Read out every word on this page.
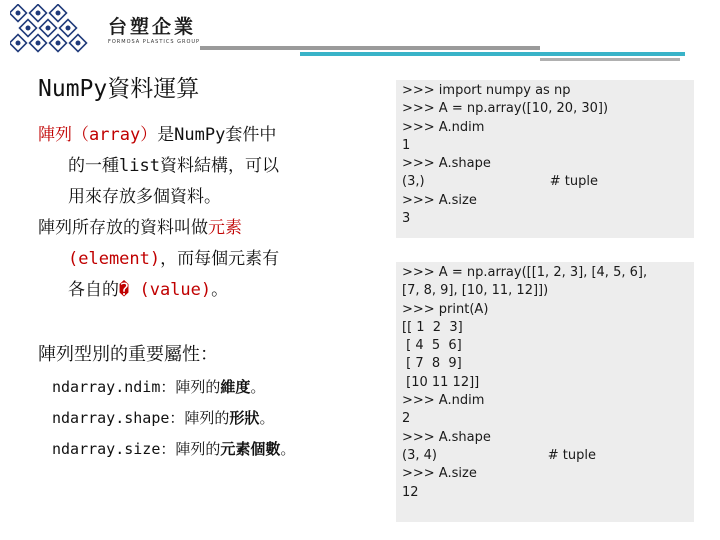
台塑企業
FORMOSA PLASTICS GROUP
NumPy資料運算
陣列（array）是NumPy套件中
的一種list資料結構，可以
用來存放多個資料。
陣列所存放的資料叫做元素
(element)，而每個元素有
各自的� (value)。
陣列型別的重要屬性：
ndarray.ndim：陣列的維度。
ndarray.shape：陣列的形狀。
ndarray.size：陣列的元素個數。
>>> import numpy as np
>>> A = np.array([10, 20, 30])
>>> A.ndim
1
>>> A.shape
(3,)	# tuple
>>> A.size
3
>>> A = np.array([[1, 2, 3], [4, 5, 6],
[7, 8, 9], [10, 11, 12]])
>>> print(A)
[[ 1  2  3]
[ 4  5  6]
[ 7  8  9]
[10 11 12]]
>>> A.ndim
2
>>> A.shape
(3, 4)	# tuple
>>> A.size
12
